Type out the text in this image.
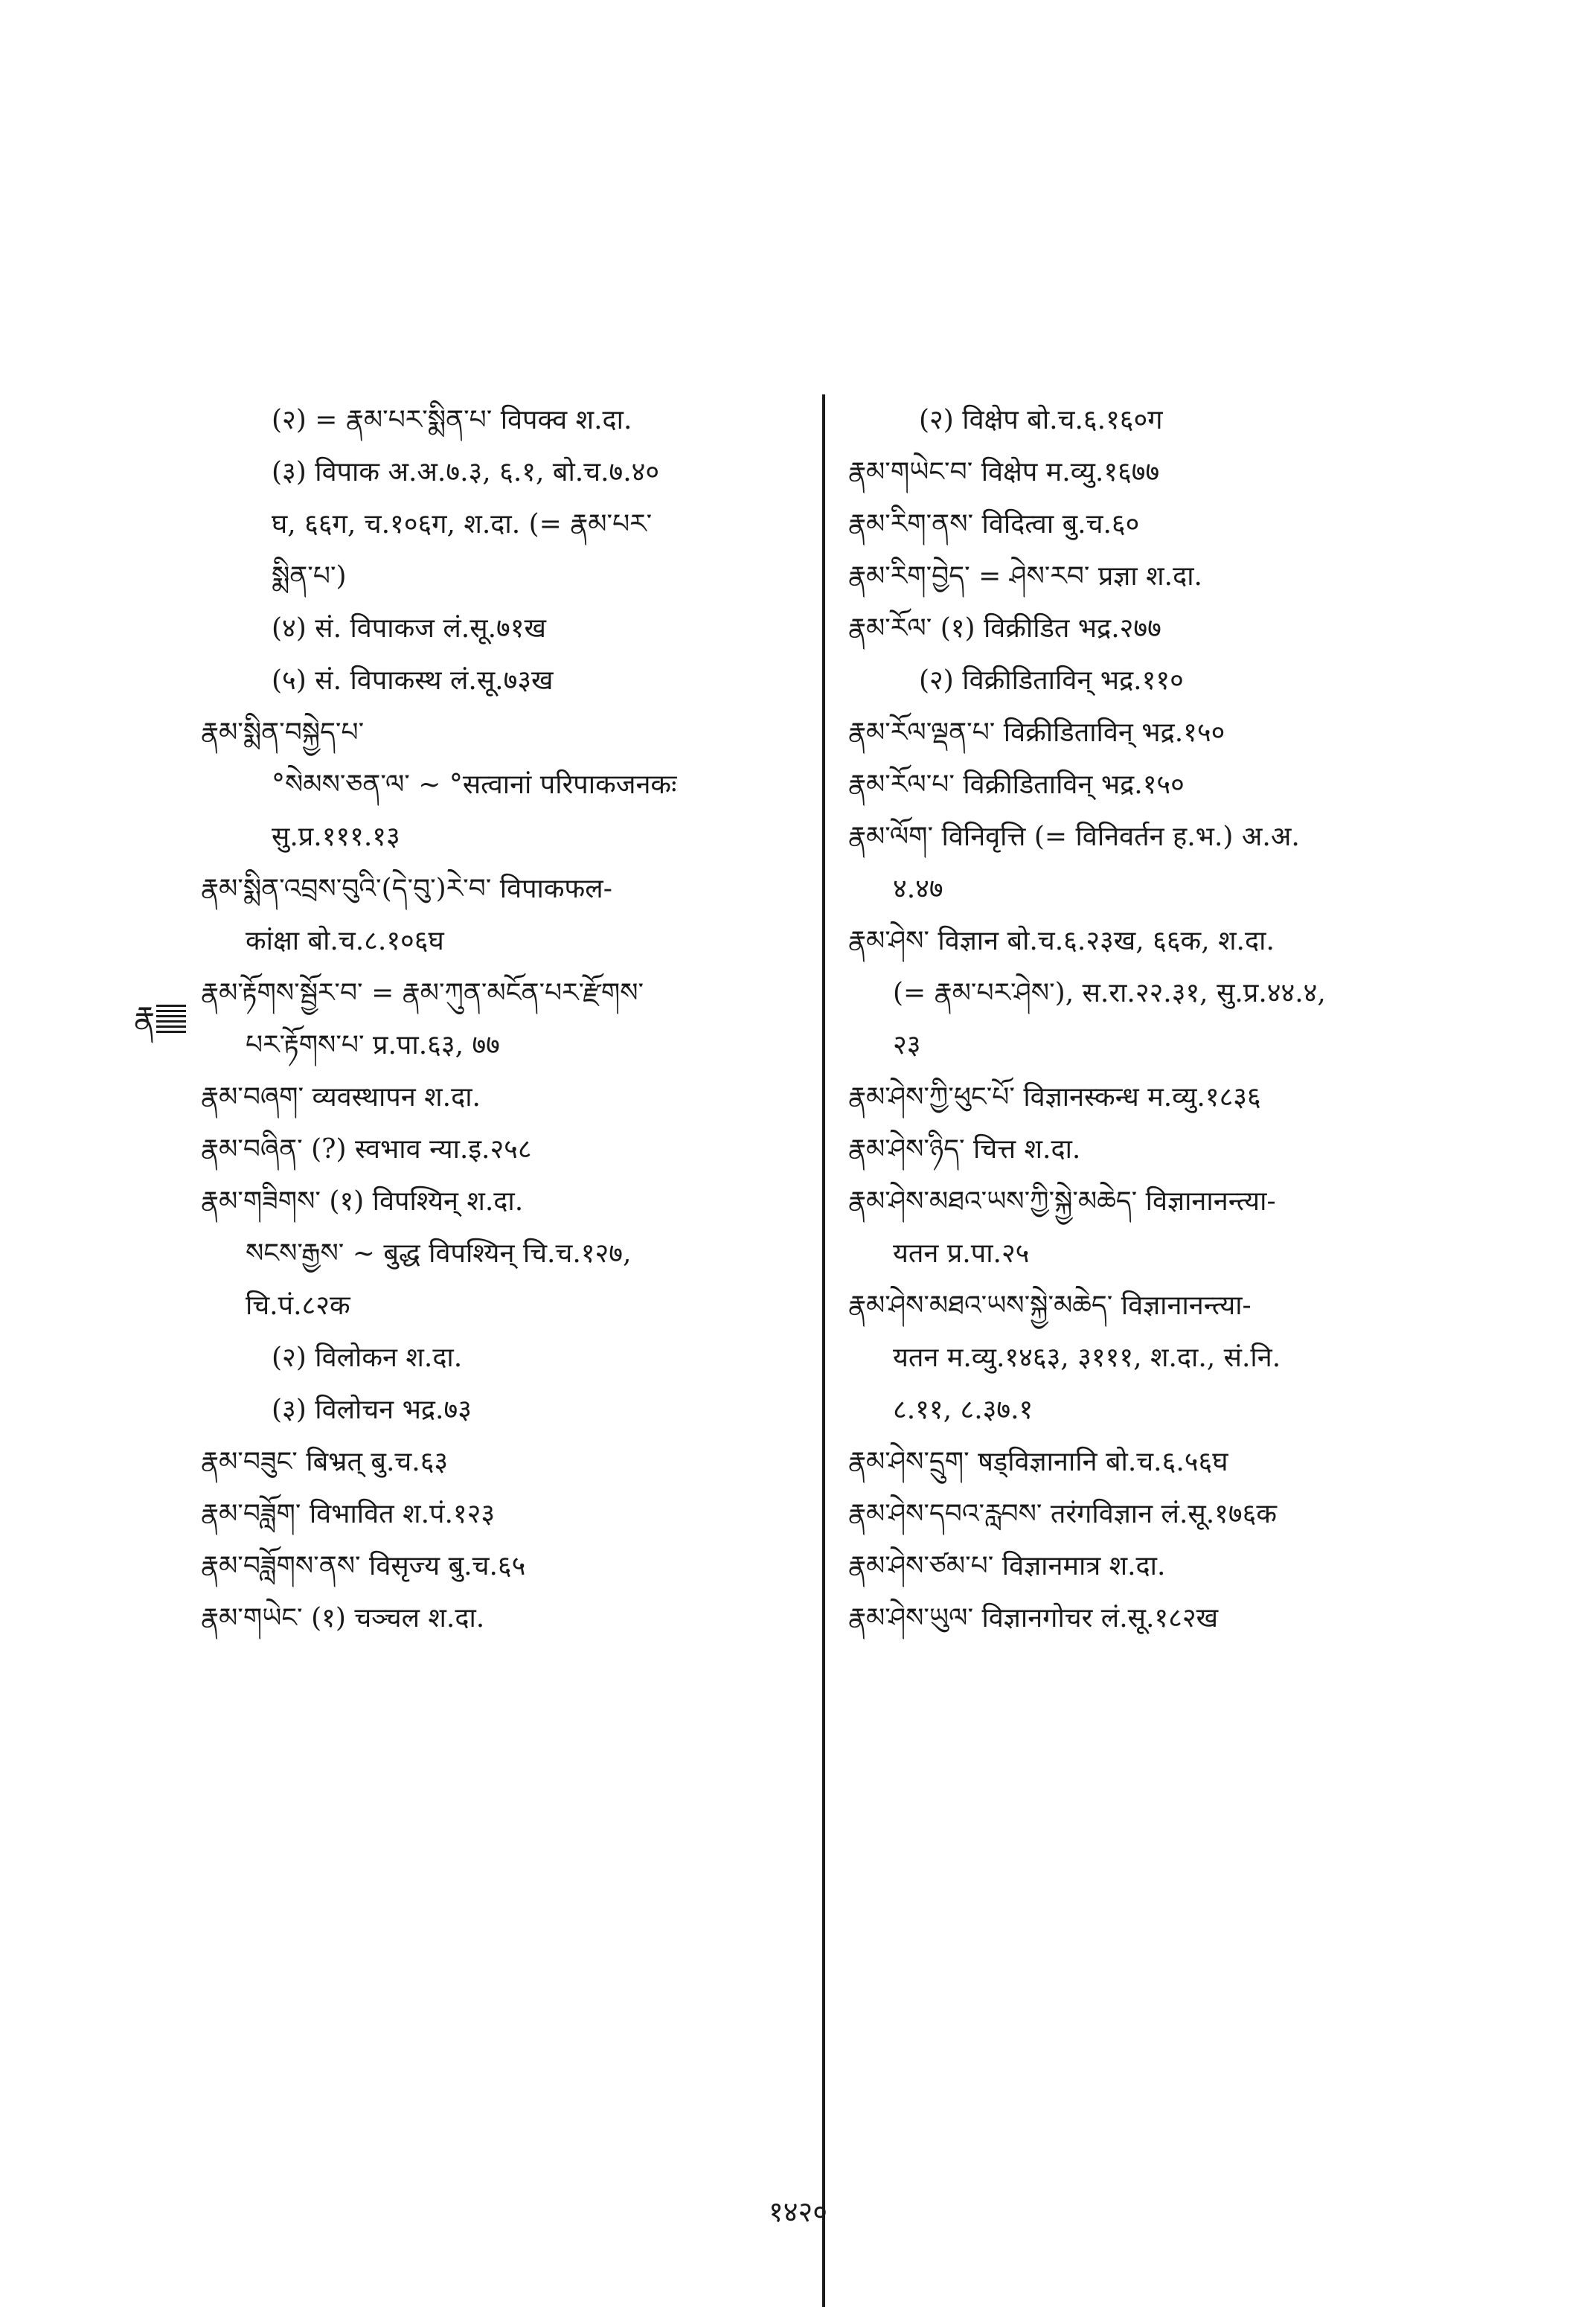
རྣ
(२) = རྣམ་པར་སྨིན་པ་ विपक्व श.दा.
(३) विपाक अ.अ.७.३, ६.१, बो.च.७.४०
घ, ६६ग, च.१०६ग, श.दा. (= རྣམ་པར་
སྨིན་པ་)
(४) सं. विपाकज लं.सू.७१ख
(५) सं. विपाकस्थ लं.सू.७३ख
རྣམ་སྨིན་བསྐྱེད་པ་
°སེམས་ཅན་ལ་ ~ °सत्वानां परिपाकजनकः
सु.प्र.१११.१३
རྣམ་སྨིན་འབྲས་བུའི་(དེ་བུ་)རེ་བ་ विपाकफल-
कांक्षा बो.च.८.१०६घ
རྣམ་རྟོགས་སྦྱོར་བ་ = རྣམ་ཀུན་མངོན་པར་རྫོགས་
པར་རྟོགས་པ་ प्र.पा.६३, ७७
རྣམ་བཞག་ व्यवस्थापन श.दा.
རྣམ་བཞིན་ (?) स्वभाव न्या.इ.२५८
རྣམ་གཟིགས་ (१) विपश्यिन् श.दा.
སངས་རྒྱས་ ~ बुद्ध विपश्यिन् चि.च.१२७,
चि.पं.८२क
(२) विलोकन श.दा.
(३) विलोचन भद्र.७३
རྣམ་བཟུང་ बिभ्रत् बु.च.६३
རྣམ་བཟློག་ विभावित श.पं.१२३
རྣམ་བཟློགས་ནས་ विसृज्य बु.च.६५
རྣམ་གཡེང་ (१) चञ्चल श.दा.
(२) विक्षेप बो.च.६.१६०ग
རྣམ་གཡེང་བ་ विक्षेप म.व्यु.१६७७
རྣམ་རིག་ནས་ विदित्वा बु.च.६०
རྣམ་རིག་བྱེད་ = ཤེས་རབ་ प्रज्ञा श.दा.
རྣམ་རོལ་ (१) विक्रीडित भद्र.२७७
(२) विक्रीडिताविन् भद्र.११०
རྣམ་རོལ་ལྡན་པ་ विक्रीडिताविन् भद्र.१५०
རྣམ་རོལ་པ་ विक्रीडिताविन् भद्र.१५०
རྣམ་ལོག་ विनिवृत्ति (= विनिवर्तन ह.भ.) अ.अ.
४.४७
རྣམ་ཤེས་ विज्ञान बो.च.६.२३ख, ६६क, श.दा.
(= རྣམ་པར་ཤེས་), स.रा.२२.३१, सु.प्र.४४.४,
२३
རྣམ་ཤེས་ཀྱི་ཕུང་པོ་ विज्ञानस्कन्ध म.व्यु.१८३६
རྣམ་ཤེས་ཉིད་ चित्त श.दा.
རྣམ་ཤེས་མཐའ་ཡས་ཀྱི་སྐྱེ་མཆེད་ विज्ञानानन्त्या-
यतन प्र.पा.२५
རྣམ་ཤེས་མཐའ་ཡས་སྐྱེ་མཆེད་ विज्ञानानन्त्या-
यतन म.व्यु.१४६३, ३१११, श.दा., सं.नि.
८.११, ८.३७.१
རྣམ་ཤེས་དྲུག་ षड्विज्ञानानि बो.च.६.५६घ
རྣམ་ཤེས་དབའ་རླབས་ तरंगविज्ञान लं.सू.१७६क
རྣམ་ཤེས་ཙམ་པ་ विज्ञानमात्र श.दा.
རྣམ་ཤེས་ཡུལ་ विज्ञानगोचर लं.सू.१८२ख
१४२०
